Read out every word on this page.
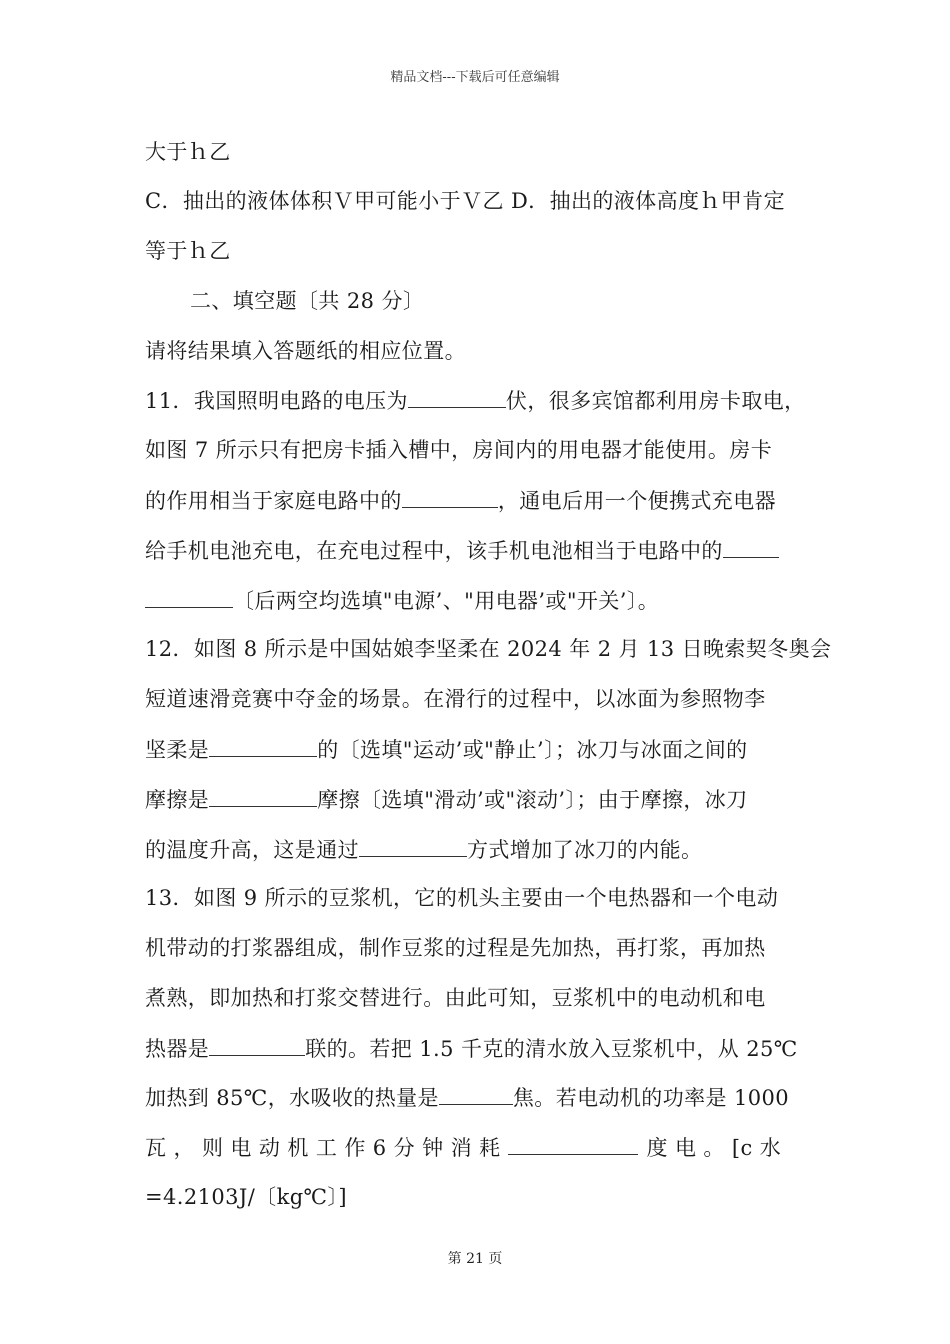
精品文档---下载后可任意编辑
大于ｈ乙
C．抽出的液体体积Ｖ甲可能小于Ｖ乙 D．抽出的液体高度ｈ甲肯定
等于ｈ乙
二、填空题〔共 28 分〕
请将结果填入答题纸的相应位置。
11．我国照明电路的电压为	伏，很多宾馆都利用房卡取电，
如图 7 所示只有把房卡插入槽中，房间内的用电器才能使用。房卡
的作用相当于家庭电路中的	，通电后用一个便携式充电器
给手机电池充电，在充电过程中，该手机电池相当于电路中的
〔后两空均选填"电源’、"用电器’或"开关’〕。
12．如图 8 所示是中国姑娘李坚柔在 2024 年 2 月 13 日晚索契冬奥会
短道速滑竞赛中夺金的场景。在滑行的过程中，以冰面为参照物李
坚柔是	的〔选填"运动’或"静止’〕；冰刀与冰面之间的
摩擦是	摩擦〔选填"滑动’或"滚动’〕；由于摩擦，冰刀
的温度升高，这是通过	方式增加了冰刀的内能。
13．如图 9 所示的豆浆机，它的机头主要由一个电热器和一个电动
机带动的打浆器组成，制作豆浆的过程是先加热，再打浆，再加热
煮熟，即加热和打浆交替进行。由此可知，豆浆机中的电动机和电
热器是	联的。若把 1.5 千克的清水放入豆浆机中，从 25℃
加热到 85℃，水吸收的热量是	焦。若电动机的功率是 1000
瓦 ， 则 电 动 机 工 作 6 分 钟 消 耗	度 电 。 [c 水
=4.2103J/〔kg℃〕]
第 21 页
